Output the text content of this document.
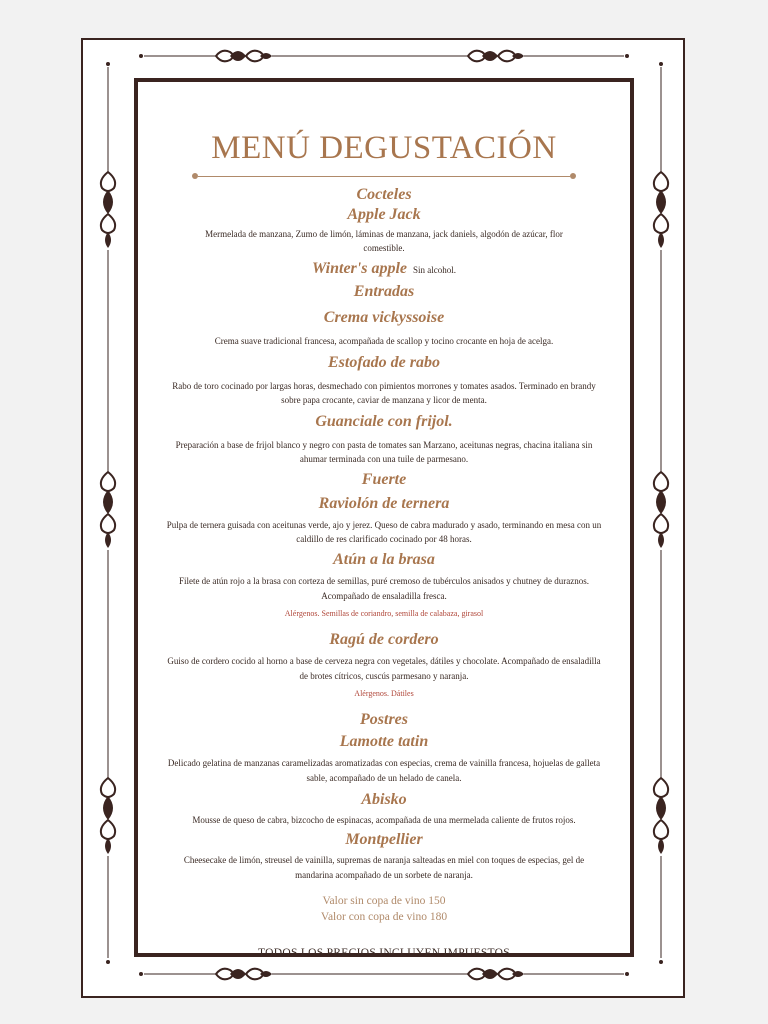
MENÚ DEGUSTACIÓN
Cocteles
Apple Jack
Mermelada de manzana, Zumo de limón, láminas de manzana, jack daniels, algodón de azúcar, flor comestible.
Winter's apple Sin alcohol.
Entradas
Crema vickyssoise
Crema suave tradicional francesa, acompañada de scallop y tocino crocante en hoja de acelga.
Estofado de rabo
Rabo de toro cocinado por largas horas, desmechado con pimientos morrones y tomates asados. Terminado en brandy sobre papa crocante, caviar de manzana y licor de menta.
Guanciale con frijol.
Preparación a base de frijol blanco y negro con pasta de tomates san Marzano, aceitunas negras, chacina italiana sin ahumar terminada con una tuile de parmesano.
Fuerte
Raviolón de ternera
Pulpa de ternera guisada con aceitunas verde, ajo y jerez. Queso de cabra madurado y asado, terminando en mesa con un caldillo de res clarificado cocinado por 48 horas.
Atún a la brasa
Filete de atún rojo a la brasa con corteza de semillas, puré cremoso de tubérculos anisados y chutney de duraznos. Acompañado de ensaladilla fresca.
Alérgenos. Semillas de coriandro, semilla de calabaza, girasol
Ragú de cordero
Guiso de cordero cocido al horno a base de cerveza negra con vegetales, dátiles y chocolate. Acompañado de ensaladilla de brotes cítricos, cuscús parmesano y naranja.
Alérgenos. Dátiles
Postres
Lamotte tatin
Delicado gelatina de manzanas caramelizadas aromatizadas con especias, crema de vainilla francesa, hojuelas de galleta sable, acompañado de un helado de canela.
Abisko
Mousse de queso de cabra, bizcocho de espinacas, acompañada de una mermelada caliente de frutos rojos.
Montpellier
Cheesecake de limón, streusel de vainilla, supremas de naranja salteadas en miel con toques de especias, gel de mandarina acompañado de un sorbete de naranja.
Valor sin copa de vino 150
Valor con copa de vino 180
TODOS LOS PRECIOS INCLUYEN IMPUESTOS
